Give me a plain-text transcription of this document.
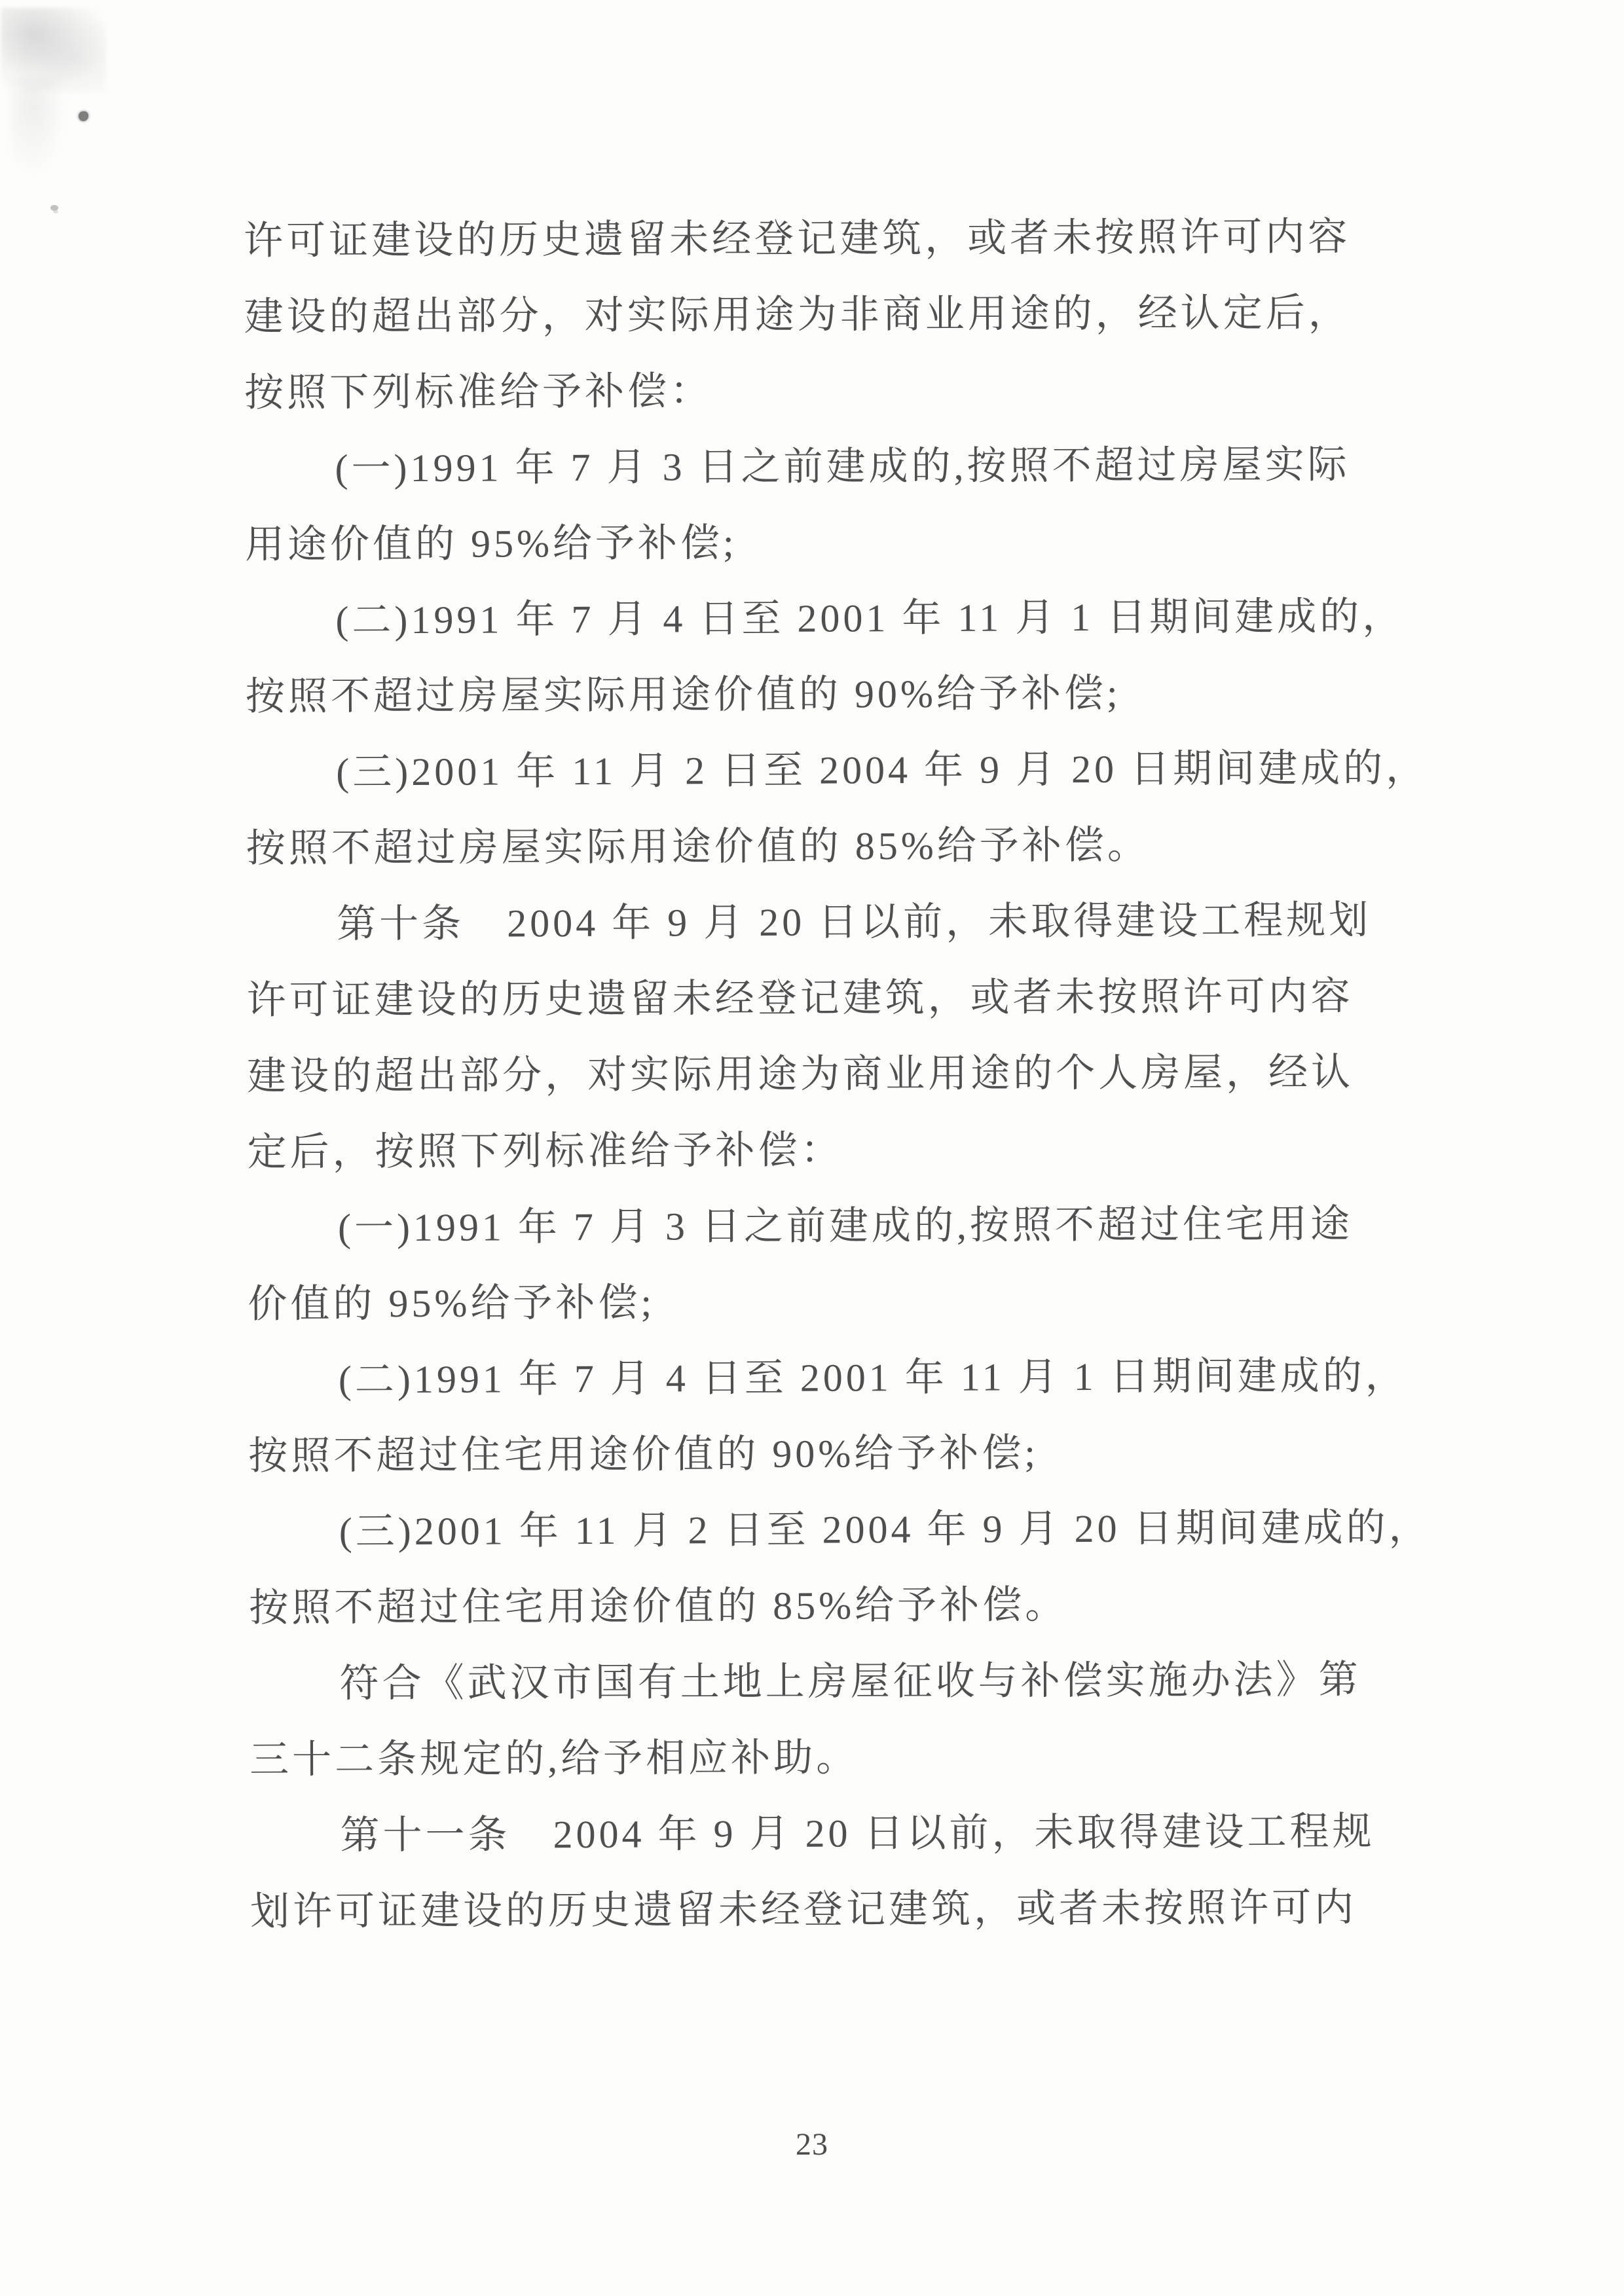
许可证建设的历史遗留未经登记建筑，或者未按照许可内容
建设的超出部分，对实际用途为非商业用途的，经认定后，
按照下列标准给予补偿：
(一)1991 年 7 月 3 日之前建成的,按照不超过房屋实际
用途价值的 95%给予补偿;
(二)1991 年 7 月 4 日至 2001 年 11 月 1 日期间建成的，
按照不超过房屋实际用途价值的 90%给予补偿;
(三)2001 年 11 月 2 日至 2004 年 9 月 20 日期间建成的，
按照不超过房屋实际用途价值的 85%给予补偿。
第十条　2004 年 9 月 20 日以前，未取得建设工程规划
许可证建设的历史遗留未经登记建筑，或者未按照许可内容
建设的超出部分，对实际用途为商业用途的个人房屋，经认
定后，按照下列标准给予补偿：
(一)1991 年 7 月 3 日之前建成的,按照不超过住宅用途
价值的 95%给予补偿;
(二)1991 年 7 月 4 日至 2001 年 11 月 1 日期间建成的，
按照不超过住宅用途价值的 90%给予补偿;
(三)2001 年 11 月 2 日至 2004 年 9 月 20 日期间建成的，
按照不超过住宅用途价值的 85%给予补偿。
符合《武汉市国有土地上房屋征收与补偿实施办法》第
三十二条规定的,给予相应补助。
第十一条　2004 年 9 月 20 日以前，未取得建设工程规
划许可证建设的历史遗留未经登记建筑，或者未按照许可内
23
